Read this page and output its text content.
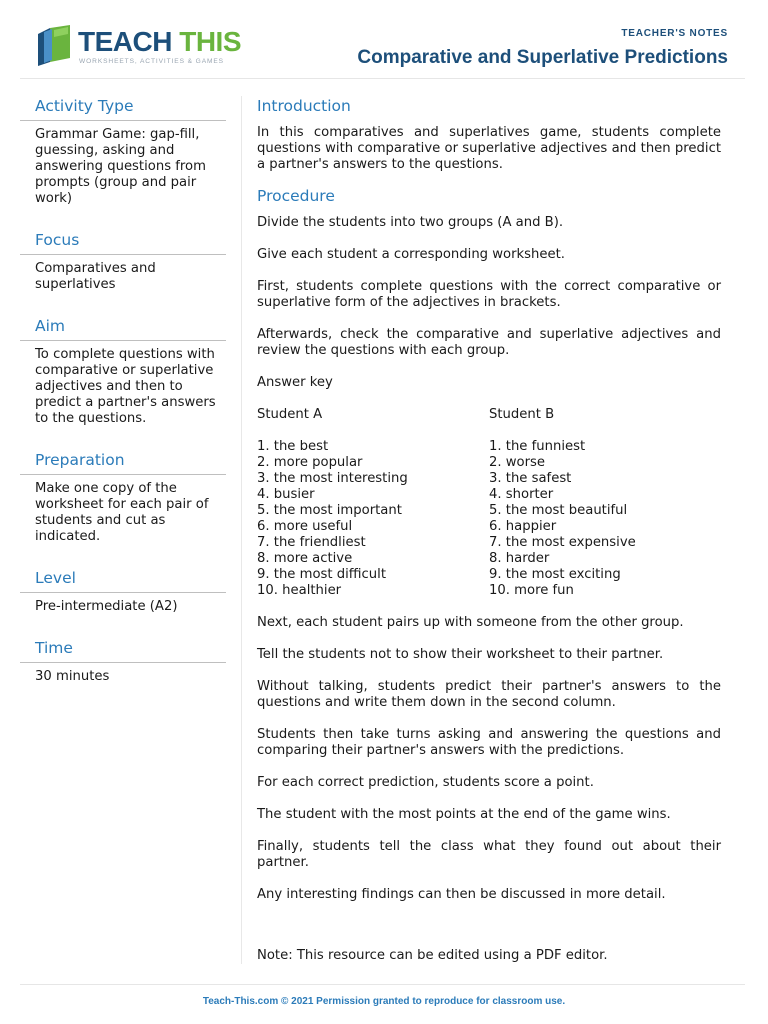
TEACH THIS
WORKSHEETS, ACTIVITIES & GAMES
TEACHER'S NOTES
Comparative and Superlative Predictions
Activity Type
Grammar Game: gap-fill, guessing, asking and answering questions from prompts (group and pair work)
Focus
Comparatives and superlatives
Aim
To complete questions with comparative or superlative adjectives and then to predict a partner's answers to the questions.
Preparation
Make one copy of the worksheet for each pair of students and cut as indicated.
Level
Pre-intermediate (A2)
Time
30 minutes
Introduction

In this comparatives and superlatives game, students complete questions with comparative or superlative adjectives and then predict a partner's answers to the questions.

Procedure

Divide the students into two groups (A and B).

Give each student a corresponding worksheet.

First, students complete questions with the correct comparative or superlative form of the adjectives in brackets.

Afterwards, check the comparative and superlative adjectives and review the questions with each group.

Answer key

Student A
1. the best
2. more popular
3. the most interesting
4. busier
5. the most important
6. more useful
7. the friendliest
8. more active
9. the most difficult
10. healthier
Student B
1. the funniest
2. worse
3. the safest
4. shorter
5. the most beautiful
6. happier
7. the most expensive
8. harder
9. the most exciting
10. more fun

Next, each student pairs up with someone from the other group.

Tell the students not to show their worksheet to their partner.

Without talking, students predict their partner's answers to the questions and write them down in the second column.

Students then take turns asking and answering the questions and comparing their partner's answers with the predictions.

For each correct prediction, students score a point.

The student with the most points at the end of the game wins.

Finally, students tell the class what they found out about their partner.

Any interesting findings can then be discussed in more detail.

Note: This resource can be edited using a PDF editor.
Teach-This.com © 2021 Permission granted to reproduce for classroom use.
